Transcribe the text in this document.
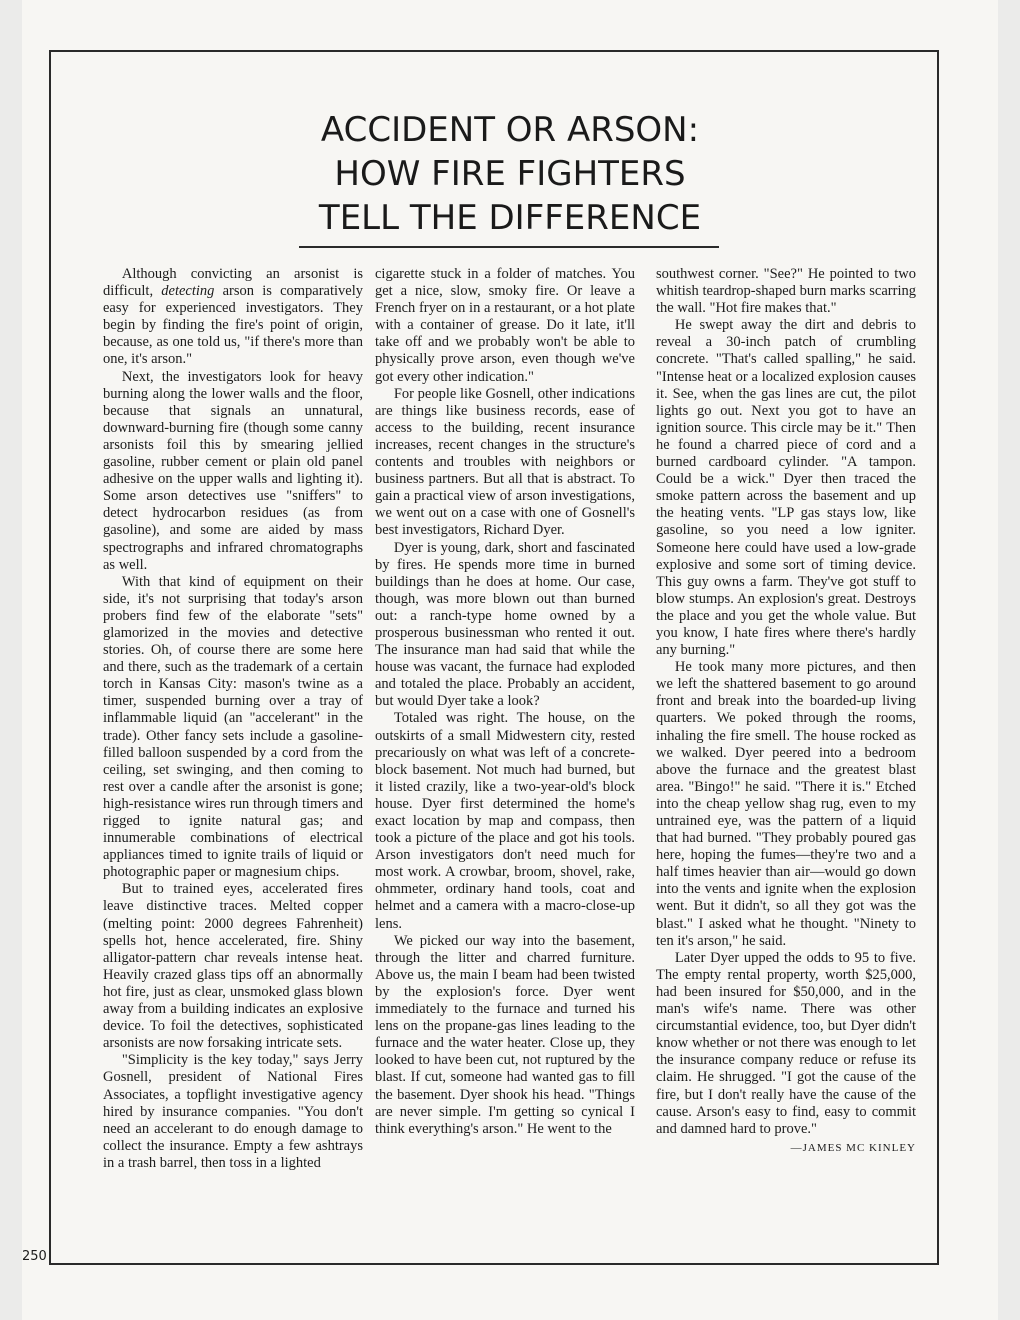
ACCIDENT OR ARSON:
HOW FIRE FIGHTERS
TELL THE DIFFERENCE

Although convicting an arsonist is difficult, detecting arson is comparatively easy for experienced investigators. They begin by finding the fire's point of origin, because, as one told us, "if there's more than one, it's arson."

Next, the investigators look for heavy burning along the lower walls and the floor, because that signals an unnatural, downward-burning fire (though some canny arsonists foil this by smearing jellied gasoline, rubber cement or plain old panel adhesive on the upper walls and lighting it). Some arson detectives use "sniffers" to detect hydrocarbon residues (as from gasoline), and some are aided by mass spectrographs and infrared chromatographs as well.

With that kind of equipment on their side, it's not surprising that today's arson probers find few of the elaborate "sets" glamorized in the movies and detective stories. Oh, of course there are some here and there, such as the trademark of a certain torch in Kansas City: mason's twine as a timer, suspended burning over a tray of inflammable liquid (an "accelerant" in the trade). Other fancy sets include a gasoline-filled balloon suspended by a cord from the ceiling, set swinging, and then coming to rest over a candle after the arsonist is gone; high-resistance wires run through timers and rigged to ignite natural gas; and innumerable combinations of electrical appliances timed to ignite trails of liquid or photographic paper or magnesium chips.

But to trained eyes, accelerated fires leave distinctive traces. Melted copper (melting point: 2000 degrees Fahrenheit) spells hot, hence accelerated, fire. Shiny alligator-pattern char reveals intense heat. Heavily crazed glass tips off an abnormally hot fire, just as clear, unsmoked glass blown away from a building indicates an explosive device. To foil the detectives, sophisticated arsonists are now forsaking intricate sets.

"Simplicity is the key today," says Jerry Gosnell, president of National Fires Associates, a topflight investigative agency hired by insurance companies. "You don't need an accelerant to do enough damage to collect the insurance. Empty a few ashtrays in a trash barrel, then toss in a lighted

cigarette stuck in a folder of matches. You get a nice, slow, smoky fire. Or leave a French fryer on in a restaurant, or a hot plate with a container of grease. Do it late, it'll take off and we probably won't be able to physically prove arson, even though we've got every other indication."

For people like Gosnell, other indications are things like business records, ease of access to the building, recent insurance increases, recent changes in the structure's contents and troubles with neighbors or business partners. But all that is abstract. To gain a practical view of arson investigations, we went out on a case with one of Gosnell's best investigators, Richard Dyer.

Dyer is young, dark, short and fascinated by fires. He spends more time in burned buildings than he does at home. Our case, though, was more blown out than burned out: a ranch-type home owned by a prosperous businessman who rented it out. The insurance man had said that while the house was vacant, the furnace had exploded and totaled the place. Probably an accident, but would Dyer take a look?

Totaled was right. The house, on the outskirts of a small Midwestern city, rested precariously on what was left of a concrete-block basement. Not much had burned, but it listed crazily, like a two-year-old's block house. Dyer first determined the home's exact location by map and compass, then took a picture of the place and got his tools. Arson investigators don't need much for most work. A crowbar, broom, shovel, rake, ohmmeter, ordinary hand tools, coat and helmet and a camera with a macro-close-up lens.

We picked our way into the basement, through the litter and charred furniture. Above us, the main I beam had been twisted by the explosion's force. Dyer went immediately to the furnace and turned his lens on the propane-gas lines leading to the furnace and the water heater. Close up, they looked to have been cut, not ruptured by the blast. If cut, someone had wanted gas to fill the basement. Dyer shook his head. "Things are never simple. I'm getting so cynical I think everything's arson." He went to the

southwest corner. "See?" He pointed to two whitish teardrop-shaped burn marks scarring the wall. "Hot fire makes that."

He swept away the dirt and debris to reveal a 30-inch patch of crumbling concrete. "That's called spalling," he said. "Intense heat or a localized explosion causes it. See, when the gas lines are cut, the pilot lights go out. Next you got to have an ignition source. This circle may be it." Then he found a charred piece of cord and a burned cardboard cylinder. "A tampon. Could be a wick." Dyer then traced the smoke pattern across the basement and up the heating vents. "LP gas stays low, like gasoline, so you need a low igniter. Someone here could have used a low-grade explosive and some sort of timing device. This guy owns a farm. They've got stuff to blow stumps. An explosion's great. Destroys the place and you get the whole value. But you know, I hate fires where there's hardly any burning."

He took many more pictures, and then we left the shattered basement to go around front and break into the boarded-up living quarters. We poked through the rooms, inhaling the fire smell. The house rocked as we walked. Dyer peered into a bedroom above the furnace and the greatest blast area. "Bingo!" he said. "There it is." Etched into the cheap yellow shag rug, even to my untrained eye, was the pattern of a liquid that had burned. "They probably poured gas here, hoping the fumes—they're two and a half times heavier than air—would go down into the vents and ignite when the explosion went. But it didn't, so all they got was the blast." I asked what he thought. "Ninety to ten it's arson," he said.

Later Dyer upped the odds to 95 to five. The empty rental property, worth $25,000, had been insured for $50,000, and in the man's wife's name. There was other circumstantial evidence, too, but Dyer didn't know whether or not there was enough to let the insurance company reduce or refuse its claim. He shrugged. "I got the cause of the fire, but I don't really have the cause of the cause. Arson's easy to find, easy to commit and damned hard to prove."

—JAMES MC KINLEY
250
